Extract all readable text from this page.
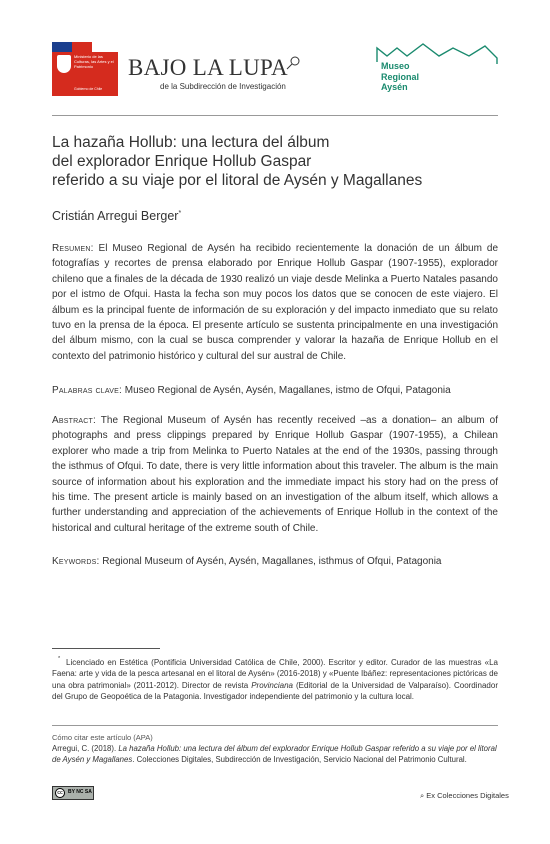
Ministerio de las Culturas, las Artes y el Patrimonio
Gobierno de Chile
BAJO LA LUPA
de la Subdirección de Investigación
Museo
Regional
Aysén
La hazaña Hollub: una lectura del álbum
del explorador Enrique Hollub Gaspar
referido a su viaje por el litoral de Aysén y Magallanes
Cristián Arregui Berger*
Resumen: El Museo Regional de Aysén ha recibido recientemente la donación de un álbum de fotografías y recortes de prensa elaborado por Enrique Hollub Gaspar (1907-1955), explorador chileno que a finales de la década de 1930 realizó un viaje desde Melinka a Puerto Natales pasando por el istmo de Ofqui. Hasta la fecha son muy pocos los datos que se conocen de este viajero. El álbum es la principal fuente de información de su exploración y del impacto inmediato que su relato tuvo en la prensa de la época. El presente artículo se sustenta principalmente en una investigación del álbum mismo, con la cual se busca comprender y valorar la hazaña de Enrique Hollub en el contexto del patrimonio histórico y cultural del sur austral de Chile.
Palabras clave: Museo Regional de Aysén, Aysén, Magallanes, istmo de Ofqui, Patagonia
Abstract: The Regional Museum of Aysén has recently received –as a donation– an album of photographs and press clippings prepared by Enrique Hollub Gaspar (1907-1955), a Chilean explorer who made a trip from Melinka to Puerto Natales at the end of the 1930s, passing through the isthmus of Ofqui. To date, there is very little information about this traveler. The album is the main source of information about his exploration and the immediate impact his story had on the press of his time. The present article is mainly based on an investigation of the album itself, which allows a further understanding and appreciation of the achievements of Enrique Hollub in the context of the historical and cultural heritage of the extreme south of Chile.
Keywords: Regional Museum of Aysén, Aysén, Magallanes, isthmus of Ofqui, Patagonia
* Licenciado en Estética (Pontificia Universidad Católica de Chile, 2000). Escritor y editor. Curador de las muestras «La Faena: arte y vida de la pesca artesanal en el litoral de Aysén» (2016-2018) y «Puente Ibáñez: representaciones pictóricas de una obra patrimonial» (2011-2012). Director de revista Provinciana (Editorial de la Universidad de Valparaíso). Coordinador del Grupo de Geopoética de la Patagonia. Investigador independiente del patrimonio y la cultura local.
Cómo citar este artículo (APA)
Arregui, C. (2018). La hazaña Hollub: una lectura del álbum del explorador Enrique Hollub Gaspar referido a su viaje por el litoral de Aysén y Magallanes. Colecciones Digitales, Subdirección de Investigación, Servicio Nacional del Patrimonio Cultural.
cc	BY NC SA	⌕ Ex Colecciones Digitales
